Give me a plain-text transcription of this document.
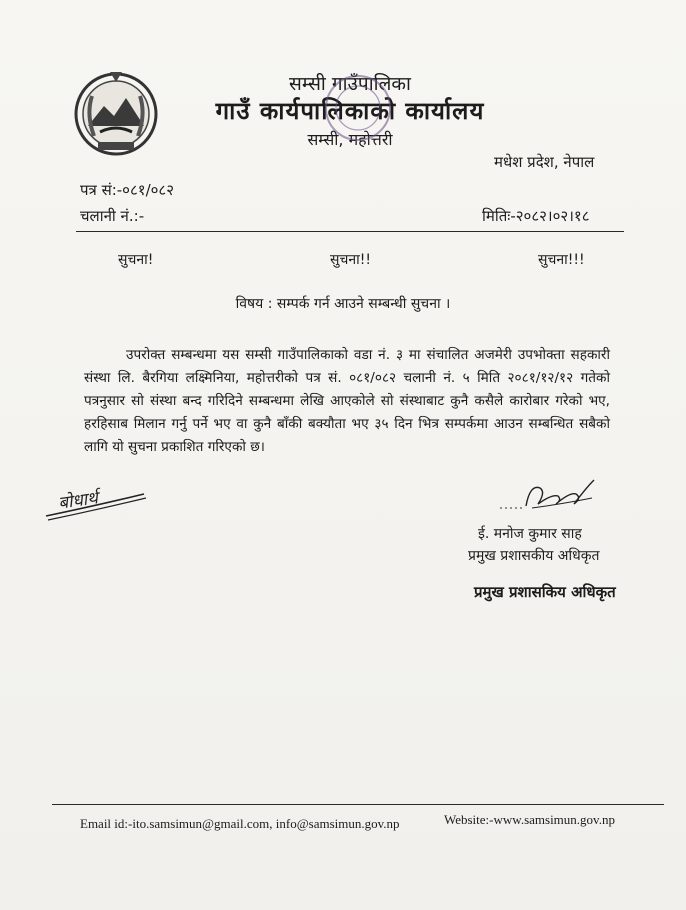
सम्सी गाउँपालिका
गाउँ कार्यपालिकाको कार्यालय
सम्सी, महोत्तरी
मधेश प्रदेश, नेपाल
पत्र सं:-०८१/०८२
चलानी नं.:-	मितिः-२०८२।०२।१८
सुचना!	सुचना!!	सुचना!!!
विषय : सम्पर्क गर्न आउने सम्बन्धी सुचना ।
उपरोक्त सम्बन्धमा यस सम्सी गाउँपालिकाको वडा नं. ३ मा संचालित अजमेरी उपभोक्ता सहकारी संस्था लि. बैरगिया लक्ष्मिनिया, महोत्तरीको पत्र सं. ०८१/०८२ चलानी नं. ५ मिति २०८१/१२/१२ गतेको पत्रनुसार सो संस्था बन्द गरिदिने सम्बन्धमा लेखि आएकोले सो संस्थाबाट कुनै कसैले कारोबार गरेको भए, हरहिसाब मिलान गर्नु पर्ने भए वा कुनै बाँकी बक्यौता भए ३५ दिन भित्र सम्पर्कमा आउन सम्बन्धित सबैको लागि यो सुचना प्रकाशित गरिएको छ।
बोधार्थ
ई. मनोज कुमार साह
प्रमुख प्रशासकीय अधिकृत
प्रमुख प्रशासकिय अधिकृत
Email id:-ito.samsimun@gmail.com, info@samsimun.gov.np	Website:-www.samsimun.gov.np
